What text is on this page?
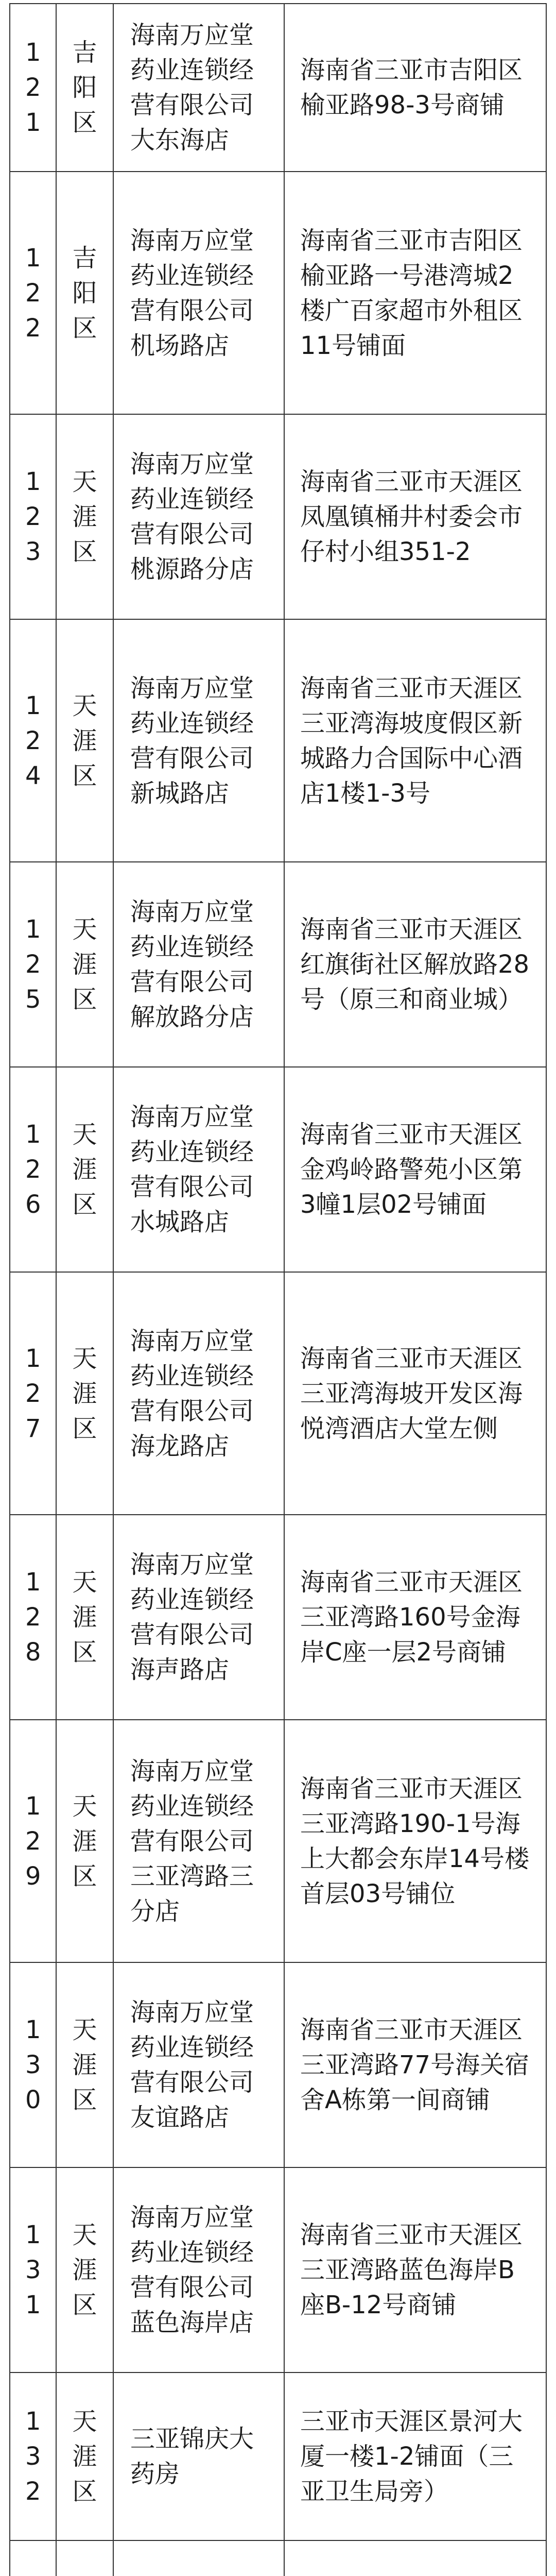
121
吉阳区
海南万应堂药业连锁经营有限公司大东海店
海南省三亚市吉阳区榆亚路98-3号商铺
122
吉阳区
海南万应堂药业连锁经营有限公司机场路店
海南省三亚市吉阳区榆亚路一号港湾城2楼广百家超市外租区11号铺面
123
天涯区
海南万应堂药业连锁经营有限公司桃源路分店
海南省三亚市天涯区凤凰镇桶井村委会市仔村小组351-2
124
天涯区
海南万应堂药业连锁经营有限公司新城路店
海南省三亚市天涯区三亚湾海坡度假区新城路力合国际中心酒店1楼1-3号
125
天涯区
海南万应堂药业连锁经营有限公司解放路分店
海南省三亚市天涯区红旗街社区解放路28号（原三和商业城）
126
天涯区
海南万应堂药业连锁经营有限公司水城路店
海南省三亚市天涯区金鸡岭路警苑小区第3幢1层02号铺面
127
天涯区
海南万应堂药业连锁经营有限公司海龙路店
海南省三亚市天涯区三亚湾海坡开发区海悦湾酒店大堂左侧
128
天涯区
海南万应堂药业连锁经营有限公司海声路店
海南省三亚市天涯区三亚湾路160号金海岸C座一层2号商铺
129
天涯区
海南万应堂药业连锁经营有限公司三亚湾路三分店
海南省三亚市天涯区三亚湾路190-1号海上大都会东岸14号楼首层03号铺位
130
天涯区
海南万应堂药业连锁经营有限公司友谊路店
海南省三亚市天涯区三亚湾路77号海关宿舍A栋第一间商铺
131
天涯区
海南万应堂药业连锁经营有限公司蓝色海岸店
海南省三亚市天涯区三亚湾路蓝色海岸B座B-12号商铺
132
天涯区
三亚锦庆大药房
三亚市天涯区景河大厦一楼1-2铺面（三亚卫生局旁）
